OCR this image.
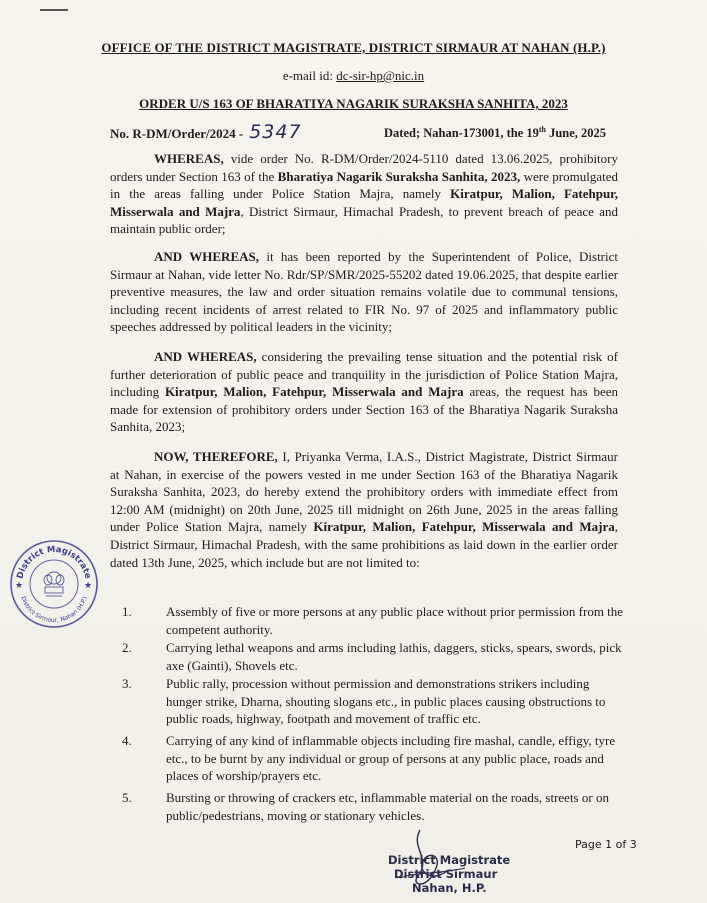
OFFICE OF THE DISTRICT MAGISTRATE, DISTRICT SIRMAUR AT NAHAN (H.P.)
e-mail id: dc-sir-hp@nic.in
ORDER U/S 163 OF BHARATIYA NAGARIK SURAKSHA SANHITA, 2023
No. R-DM/Order/2024 - 5347	Dated; Nahan-173001, the 19th June, 2025
WHEREAS, vide order No. R-DM/Order/2024-5110 dated 13.06.2025, prohibitory orders under Section 163 of the Bharatiya Nagarik Suraksha Sanhita, 2023, were promulgated in the areas falling under Police Station Majra, namely Kiratpur, Malion, Fatehpur, Misserwala and Majra, District Sirmaur, Himachal Pradesh, to prevent breach of peace and maintain public order;
AND WHEREAS, it has been reported by the Superintendent of Police, District Sirmaur at Nahan, vide letter No. Rdr/SP/SMR/2025-55202 dated 19.06.2025, that despite earlier preventive measures, the law and order situation remains volatile due to communal tensions, including recent incidents of arrest related to FIR No. 97 of 2025 and inflammatory public speeches addressed by political leaders in the vicinity;
AND WHEREAS, considering the prevailing tense situation and the potential risk of further deterioration of public peace and tranquility in the jurisdiction of Police Station Majra, including Kiratpur, Malion, Fatehpur, Misserwala and Majra areas, the request has been made for extension of prohibitory orders under Section 163 of the Bharatiya Nagarik Suraksha Sanhita, 2023;
NOW, THEREFORE, I, Priyanka Verma, I.A.S., District Magistrate, District Sirmaur at Nahan, in exercise of the powers vested in me under Section 163 of the Bharatiya Nagarik Suraksha Sanhita, 2023, do hereby extend the prohibitory orders with immediate effect from 12:00 AM (midnight) on 20th June, 2025 till midnight on 26th June, 2025 in the areas falling under Police Station Majra, namely Kiratpur, Malion, Fatehpur, Misserwala and Majra, District Sirmaur, Himachal Pradesh, with the same prohibitions as laid down in the earlier order dated 13th June, 2025, which include but are not limited to:
1.	Assembly of five or more persons at any public place without prior permission from the competent authority.
2.	Carrying lethal weapons and arms including lathis, daggers, sticks, spears, swords, pick axe (Gainti), Shovels etc.
3.	Public rally, procession without permission and demonstrations strikers including hunger strike, Dharna, shouting slogans etc., in public places causing obstructions to public roads, highway, footpath and movement of traffic etc.
4.	Carrying of any kind of inflammable objects including fire mashal, candle, effigy, tyre etc., to be burnt by any individual or group of persons at any public place, roads and places of worship/prayers etc.
5.	Bursting or throwing of crackers etc, inflammable material on the roads, streets or on public/pedestrians, moving or stationary vehicles.
Page 1 of 3
District Magistrate
District Sirmaur
Nahan, H.P.
District Magistrate
District Sirmour, Nahan (H.P.)
★	★
